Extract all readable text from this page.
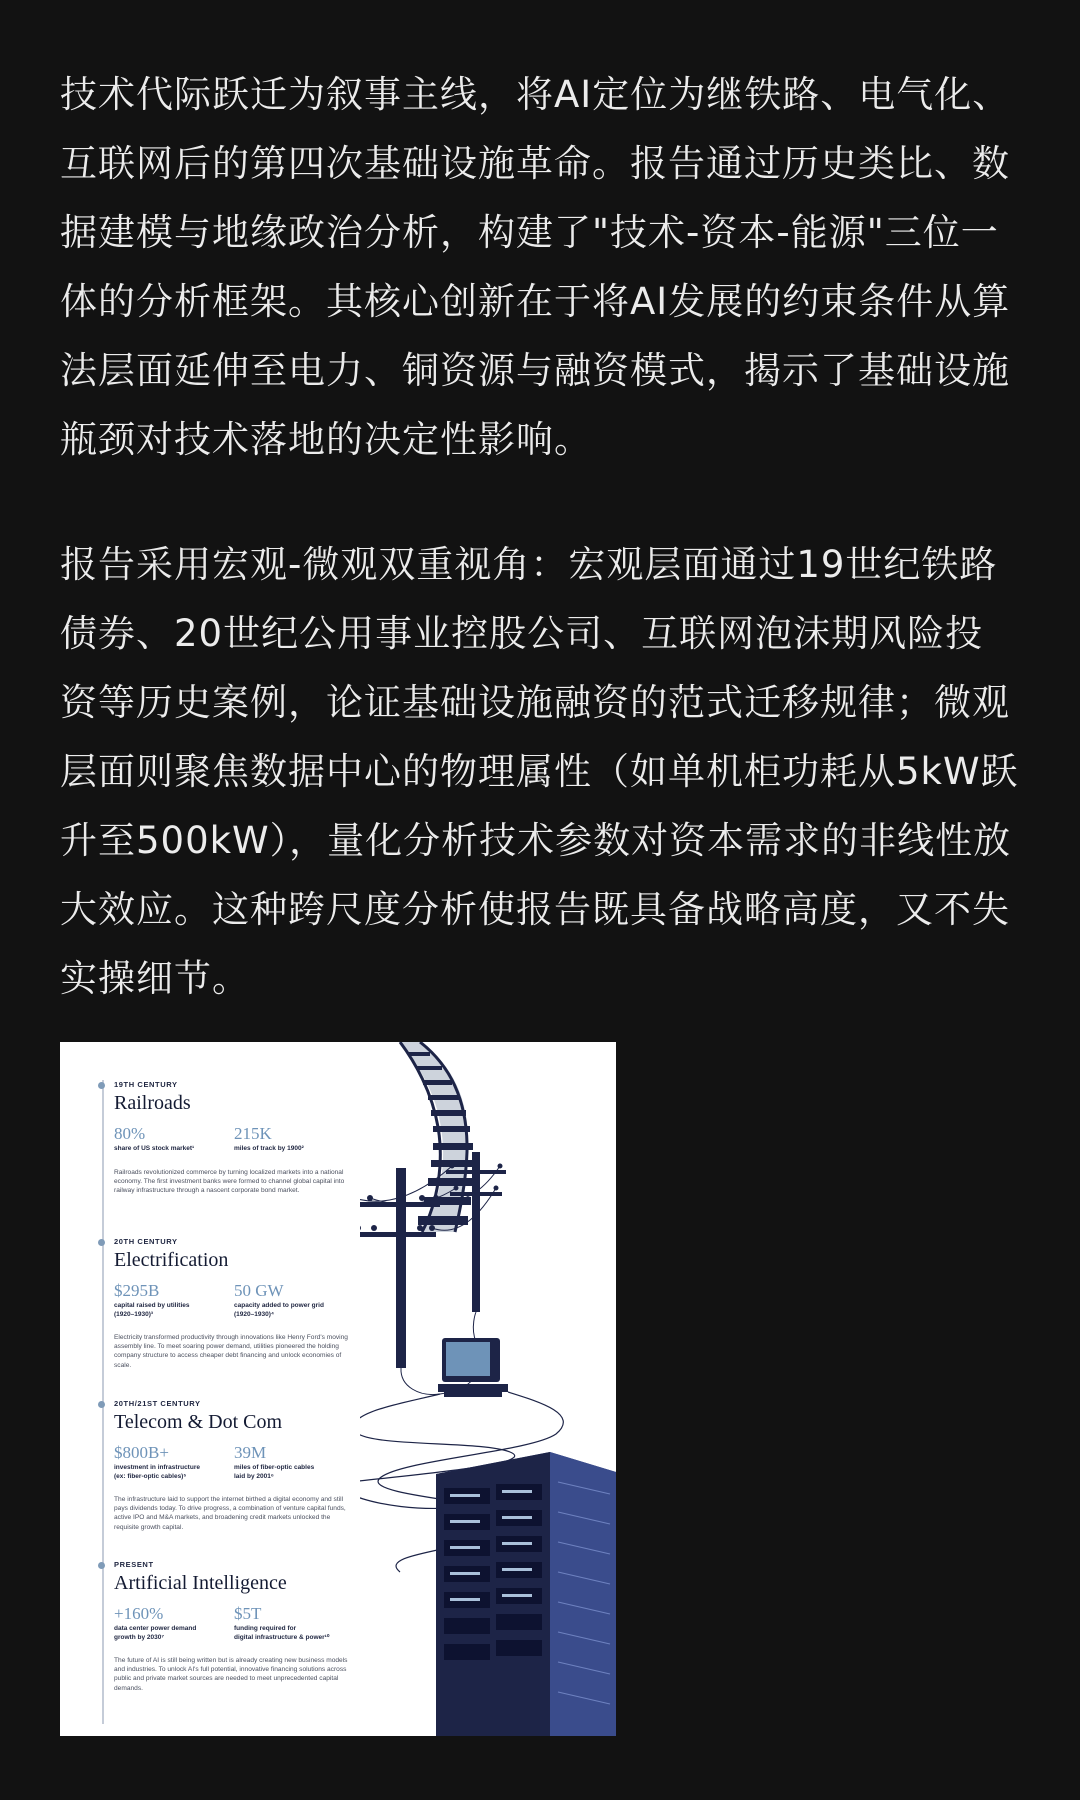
技术代际跃迁为叙事主线，将AI定位为继铁路、电气化、互联网后的第四次基础设施革命。报告通过历史类比、数据建模与地缘政治分析，构建了"技术-资本-能源"三位一体的分析框架。其核心创新在于将AI发展的约束条件从算法层面延伸至电力、铜资源与融资模式，揭示了基础设施瓶颈对技术落地的决定性影响。

报告采用宏观-微观双重视角：宏观层面通过19世纪铁路债券、20世纪公用事业控股公司、互联网泡沫期风险投资等历史案例，论证基础设施融资的范式迁移规律；微观层面则聚焦数据中心的物理属性（如单机柜功耗从5kW跃升至500kW），量化分析技术参数对资本需求的非线性放大效应。这种跨尺度分析使报告既具备战略高度，又不失实操细节。

19TH CENTURY
Railroads
80%
share of US stock market¹
215K
miles of track by 1900²
Railroads revolutionized commerce by turning localized markets into a national economy. The first investment banks were formed to channel global capital into railway infrastructure through a nascent corporate bond market.
20TH CENTURY
Electrification
$295B
capital raised by utilities
(1920–1930)³
50 GW
capacity added to power grid
(1920–1930)⁴
Electricity transformed productivity through innovations like Henry Ford's moving assembly line. To meet soaring power demand, utilities pioneered the holding company structure to access cheaper debt financing and unlock economies of scale.
20TH/21ST CENTURY
Telecom & Dot Com
$800B+
investment in infrastructure
(ex: fiber-optic cables)⁵
39M
miles of fiber-optic cables
laid by 2001⁶
The infrastructure laid to support the internet birthed a digital economy and still pays dividends today. To drive progress, a combination of venture capital funds, active IPO and M&A markets, and broadening credit markets unlocked the requisite growth capital.
PRESENT
Artificial Intelligence
+160%
data center power demand
growth by 2030⁷
$5T
funding required for
digital infrastructure & power¹⁰
The future of AI is still being written but is already creating new business models and industries. To unlock AI's full potential, innovative financing solutions across public and private market sources are needed to meet unprecedented capital demands.
